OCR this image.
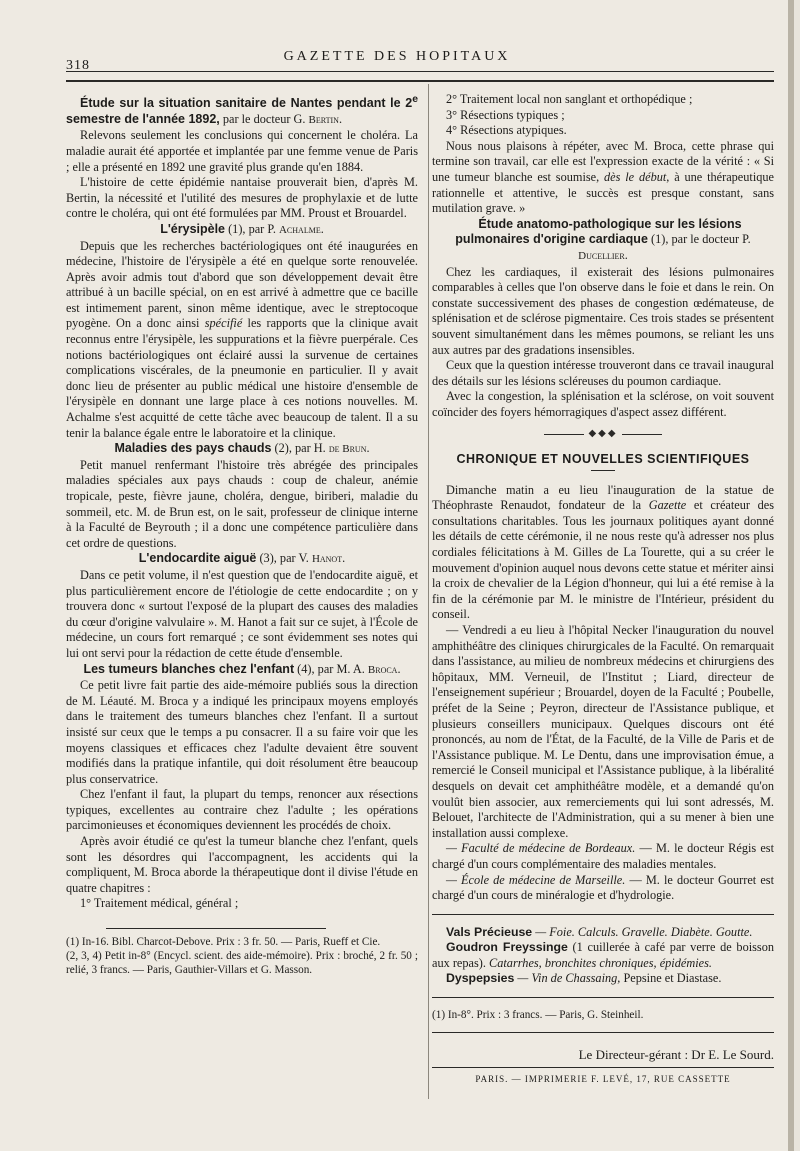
318
GAZETTE DES HOPITAUX

Étude sur la situation sanitaire de Nantes pendant le 2e semestre de l'année 1892, par le docteur G. Bertin.

Relevons seulement les conclusions qui concernent le choléra. La maladie aurait été apportée et implantée par une femme venue de Paris ; elle a présenté en 1892 une gravité plus grande qu'en 1884.

L'histoire de cette épidémie nantaise prouverait bien, d'après M. Bertin, la nécessité et l'utilité des mesures de prophylaxie et de lutte contre le choléra, qui ont été formulées par MM. Proust et Brouardel.

L'érysipèle (1), par P. Achalme.

Depuis que les recherches bactériologiques ont été inaugurées en médecine, l'histoire de l'érysipèle a été en quelque sorte renouvelée. Après avoir admis tout d'abord que son développement devait être attribué à un bacille spécial, on en est arrivé à admettre que ce bacille est intimement parent, sinon même identique, avec le streptocoque pyogène. On a donc ainsi spécifié les rapports que la clinique avait reconnus entre l'érysipèle, les suppurations et la fièvre puerpérale. Ces notions bactériologiques ont éclairé aussi la survenue de certaines complications viscérales, de la pneumonie en particulier. Il y avait donc lieu de présenter au public médical une histoire d'ensemble de l'érysipèle en donnant une large place à ces notions nouvelles. M. Achalme s'est acquitté de cette tâche avec beaucoup de talent. Il a su tenir la balance égale entre le laboratoire et la clinique.

Maladies des pays chauds (2), par H. de Brun.

Petit manuel renfermant l'histoire très abrégée des principales maladies spéciales aux pays chauds : coup de chaleur, anémie tropicale, peste, fièvre jaune, choléra, dengue, biriberi, maladie du sommeil, etc. M. de Brun est, on le sait, professeur de clinique interne à la Faculté de Beyrouth ; il a donc une compétence particulière dans cet ordre de questions.

L'endocardite aiguë (3), par V. Hanot.

Dans ce petit volume, il n'est question que de l'endocardite aiguë, et plus particulièrement encore de l'étiologie de cette endocardite ; on y trouvera donc « surtout l'exposé de la plupart des causes des maladies du cœur d'origine valvulaire ». M. Hanot a fait sur ce sujet, à l'École de médecine, un cours fort remarqué ; ce sont évidemment ses notes qui lui ont servi pour la rédaction de cette étude d'ensemble.

Les tumeurs blanches chez l'enfant (4), par M. A. Broca.

Ce petit livre fait partie des aide-mémoire publiés sous la direction de M. Léauté. M. Broca y a indiqué les principaux moyens employés dans le traitement des tumeurs blanches chez l'enfant. Il a surtout insisté sur ceux que le temps a pu consacrer. Il a su faire voir que les moyens classiques et efficaces chez l'adulte devaient être souvent modifiés dans la pratique infantile, qui doit résolument être beaucoup plus conservatrice.

Chez l'enfant il faut, la plupart du temps, renoncer aux résections typiques, excellentes au contraire chez l'adulte ; les opérations parcimonieuses et économiques deviennent les procédés de choix.

Après avoir étudié ce qu'est la tumeur blanche chez l'enfant, quels sont les désordres qui l'accompagnent, les accidents qui la compliquent, M. Broca aborde la thérapeutique dont il divise l'étude en quatre chapitres :

1° Traitement médical, général ;

(1) In-16. Bibl. Charcot-Debove. Prix : 3 fr. 50. — Paris, Rueff et Cie.

(2, 3, 4) Petit in-8° (Encycl. scient. des aide-mémoire). Prix : broché, 2 fr. 50 ; relié, 3 francs. — Paris, Gauthier-Villars et G. Masson.

2° Traitement local non sanglant et orthopédique ;

3° Résections typiques ;

4° Résections atypiques.

Nous nous plaisons à répéter, avec M. Broca, cette phrase qui termine son travail, car elle est l'expression exacte de la vérité : « Si une tumeur blanche est soumise, dès le début, à une thérapeutique rationnelle et attentive, le succès est presque constant, sans mutilation grave. »

Étude anatomo-pathologique sur les lésions pulmonaires d'origine cardiaque (1), par le docteur P. Ducellier.

Chez les cardiaques, il existerait des lésions pulmonaires comparables à celles que l'on observe dans le foie et dans le rein. On constate successivement des phases de congestion œdémateuse, de splénisation et de sclérose pigmentaire. Ces trois stades se présentent souvent simultanément dans les mêmes poumons, se reliant les uns aux autres par des gradations insensibles.

Ceux que la question intéresse trouveront dans ce travail inaugural des détails sur les lésions scléreuses du poumon cardiaque.

Avec la congestion, la splénisation et la sclérose, on voit souvent coïncider des foyers hémorragiques d'aspect assez différent.

◆◆◆
CHRONIQUE ET NOUVELLES SCIENTIFIQUES

Dimanche matin a eu lieu l'inauguration de la statue de Théophraste Renaudot, fondateur de la Gazette et créateur des consultations charitables. Tous les journaux politiques ayant donné les détails de cette cérémonie, il ne nous reste qu'à adresser nos plus cordiales félicitations à M. Gilles de La Tourette, qui a su créer le mouvement d'opinion auquel nous devons cette statue et mériter ainsi la croix de chevalier de la Légion d'honneur, qui lui a été remise à la fin de la cérémonie par M. le ministre de l'Intérieur, président du conseil.

— Vendredi a eu lieu à l'hôpital Necker l'inauguration du nouvel amphithéâtre des cliniques chirurgicales de la Faculté. On remarquait dans l'assistance, au milieu de nombreux médecins et chirurgiens des hôpitaux, MM. Verneuil, de l'Institut ; Liard, directeur de l'enseignement supérieur ; Brouardel, doyen de la Faculté ; Poubelle, préfet de la Seine ; Peyron, directeur de l'Assistance publique, et plusieurs conseillers municipaux. Quelques discours ont été prononcés, au nom de l'État, de la Faculté, de la Ville de Paris et de l'Assistance publique. M. Le Dentu, dans une improvisation émue, a remercié le Conseil municipal et l'Assistance publique, à la libéralité desquels on devait cet amphithéâtre modèle, et a demandé qu'on voulût bien associer, aux remerciements qui lui sont adressés, M. Belouet, l'architecte de l'Administration, qui a su mener à bien une installation aussi complexe.

— Faculté de médecine de Bordeaux. — M. le docteur Régis est chargé d'un cours complémentaire des maladies mentales.

— École de médecine de Marseille. — M. le docteur Gourret est chargé d'un cours de minéralogie et d'hydrologie.

Vals Précieuse — Foie. Calculs. Gravelle. Diabète. Goutte.

Goudron Freyssinge (1 cuillerée à café par verre de boisson aux repas). Catarrhes, bronchites chroniques, épidémies.

Dyspepsies — Vin de Chassaing, Pepsine et Diastase.

(1) In-8°. Prix : 3 francs. — Paris, G. Steinheil.

Le Directeur-gérant : Dr E. Le Sourd.
PARIS. — IMPRIMERIE F. LEVÉ, 17, RUE CASSETTE
